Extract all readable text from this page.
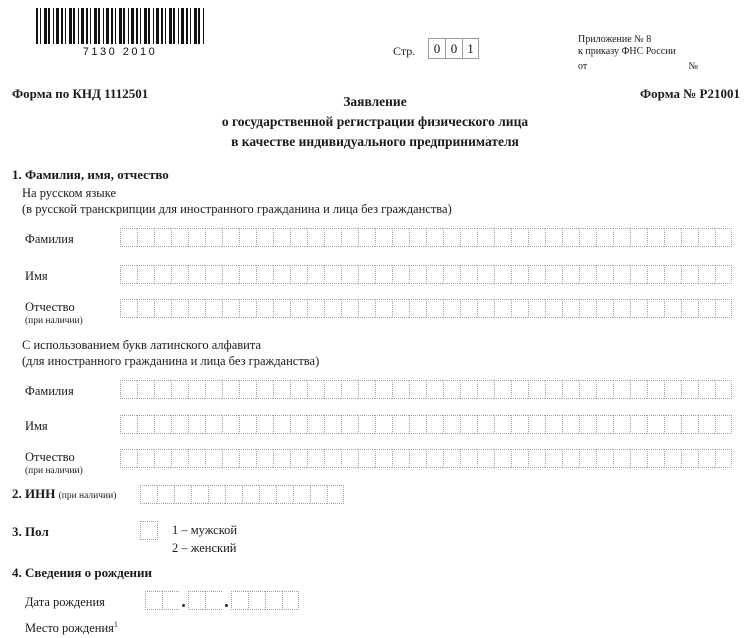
7130 2010	Стр.	0 0 1
Приложение № 8
к приказу ФНС России
от	№
Форма по КНД 1112501	Форма № Р21001
Заявление
о государственной регистрации физического лица
в качестве индивидуального предпринимателя
1. Фамилия, имя, отчество
На русском языке
(в русской транскрипции для иностранного гражданина и лица без гражданства)
Фамилия
Имя
Отчество
(при наличии)
С использованием букв латинского алфавита
(для иностранного гражданина и лица без гражданства)
Фамилия
Имя
Отчество
(при наличии)
2. ИНН (при наличии)
3. Пол	1 – мужской
2 – женский
4. Сведения о рождении
Дата рождения
Место рождения$^1$
